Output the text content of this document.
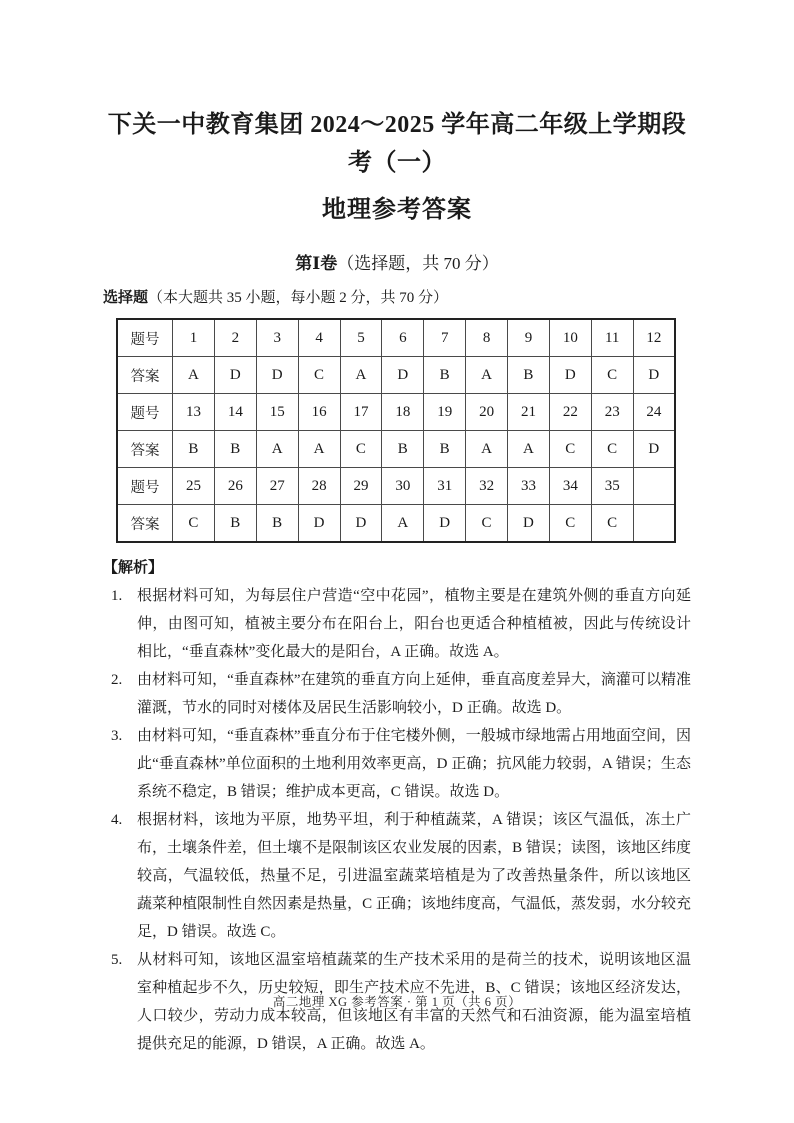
下关一中教育集团 2024～2025 学年高二年级上学期段考（一）
地理参考答案
第Ⅰ卷（选择题，共 70 分）
选择题（本大题共 35 小题，每小题 2 分，共 70 分）
题号	1	2	3	4	5	6	7	8	9	10	11	12
答案	A	D	D	C	A	D	B	A	B	D	C	D
题号	13	14	15	16	17	18	19	20	21	22	23	24
答案	B	B	A	A	C	B	B	A	A	C	C	D
题号	25	26	27	28	29	30	31	32	33	34	35	
答案	C	B	B	D	D	A	D	C	D	C	C	
【解析】
1. 根据材料可知，为每层住户营造“空中花园”，植物主要是在建筑外侧的垂直方向延伸，由图可知，植被主要分布在阳台上，阳台也更适合种植植被，因此与传统设计相比，“垂直森林”变化最大的是阳台，A 正确。故选 A。
2. 由材料可知，“垂直森林”在建筑的垂直方向上延伸，垂直高度差异大，滴灌可以精准灌溉，节水的同时对楼体及居民生活影响较小，D 正确。故选 D。
3. 由材料可知，“垂直森林”垂直分布于住宅楼外侧，一般城市绿地需占用地面空间，因此“垂直森林”单位面积的土地利用效率更高，D 正确；抗风能力较弱，A 错误；生态系统不稳定，B 错误；维护成本更高，C 错误。故选 D。
4. 根据材料，该地为平原，地势平坦，利于种植蔬菜，A 错误；该区气温低，冻土广布，土壤条件差，但土壤不是限制该区农业发展的因素，B 错误；读图，该地区纬度较高，气温较低，热量不足，引进温室蔬菜培植是为了改善热量条件，所以该地区蔬菜种植限制性自然因素是热量，C 正确；该地纬度高，气温低，蒸发弱，水分较充足，D 错误。故选 C。
5. 从材料可知，该地区温室培植蔬菜的生产技术采用的是荷兰的技术，说明该地区温室种植起步不久，历史较短，即生产技术应不先进，B、C 错误；该地区经济发达，人口较少，劳动力成本较高，但该地区有丰富的天然气和石油资源，能为温室培植提供充足的能源，D 错误，A 正确。故选 A。
高二地理 XG 参考答案 · 第 1 页（共 6 页）
